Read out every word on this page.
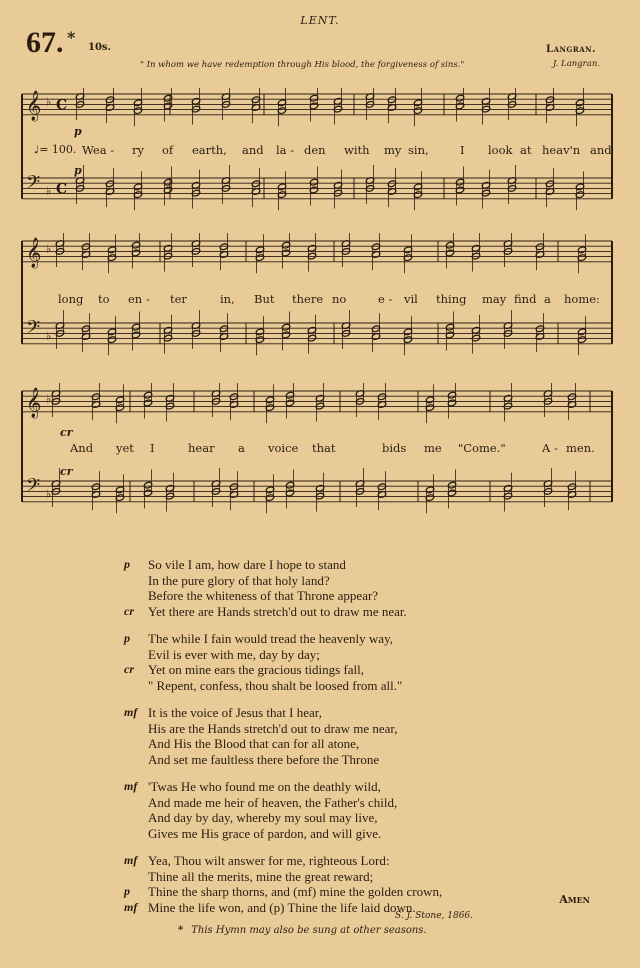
LENT.
67. *
10s.	Langran.
" In whom we have redemption through His blood, the forgiveness of sins."	J. Langran.
𝄞 ♭ C
𝄢 ♭ C
p
p
♩= 100. Wea - ry of earth, and la - den with my sin,	I look at heav'n and
𝄞 ♭
𝄢 ♭
long to en - ter	in, But there no	e - vil thing may find a home:
𝄞 ♭
𝄢 ♭
cr
cr
And yet I	hear a voice that	bids me "Come."	A - men.
p	So vile I am, how dare I hope to stand
In the pure glory of that holy land?
Before the whiteness of that Throne appear?
cr	Yet there are Hands stretch'd out to draw me near.
p	The while I fain would tread the heavenly way,
Evil is ever with me, day by day;
cr	Yet on mine ears the gracious tidings fall,
" Repent, confess, thou shalt be loosed from all."
mf It is the voice of Jesus that I hear,
His are the Hands stretch'd out to draw me near,
And His the Blood that can for all atone,
And set me faultless there before the Throne
mf 'Twas He who found me on the deathly wild,
And made me heir of heaven, the Father's child,
And day by day, whereby my soul may live,
Gives me His grace of pardon, and will give.
mf Yea, Thou wilt answer for me, righteous Lord:
Thine all the merits, mine the great reward;
p	Thine the sharp thorns, and (mf) mine the golden crown,
mf Mine the life won, and (p) Thine the life laid down.	Amen
S. J. Stone, 1866.
* This Hymn may also be sung at other seasons.
